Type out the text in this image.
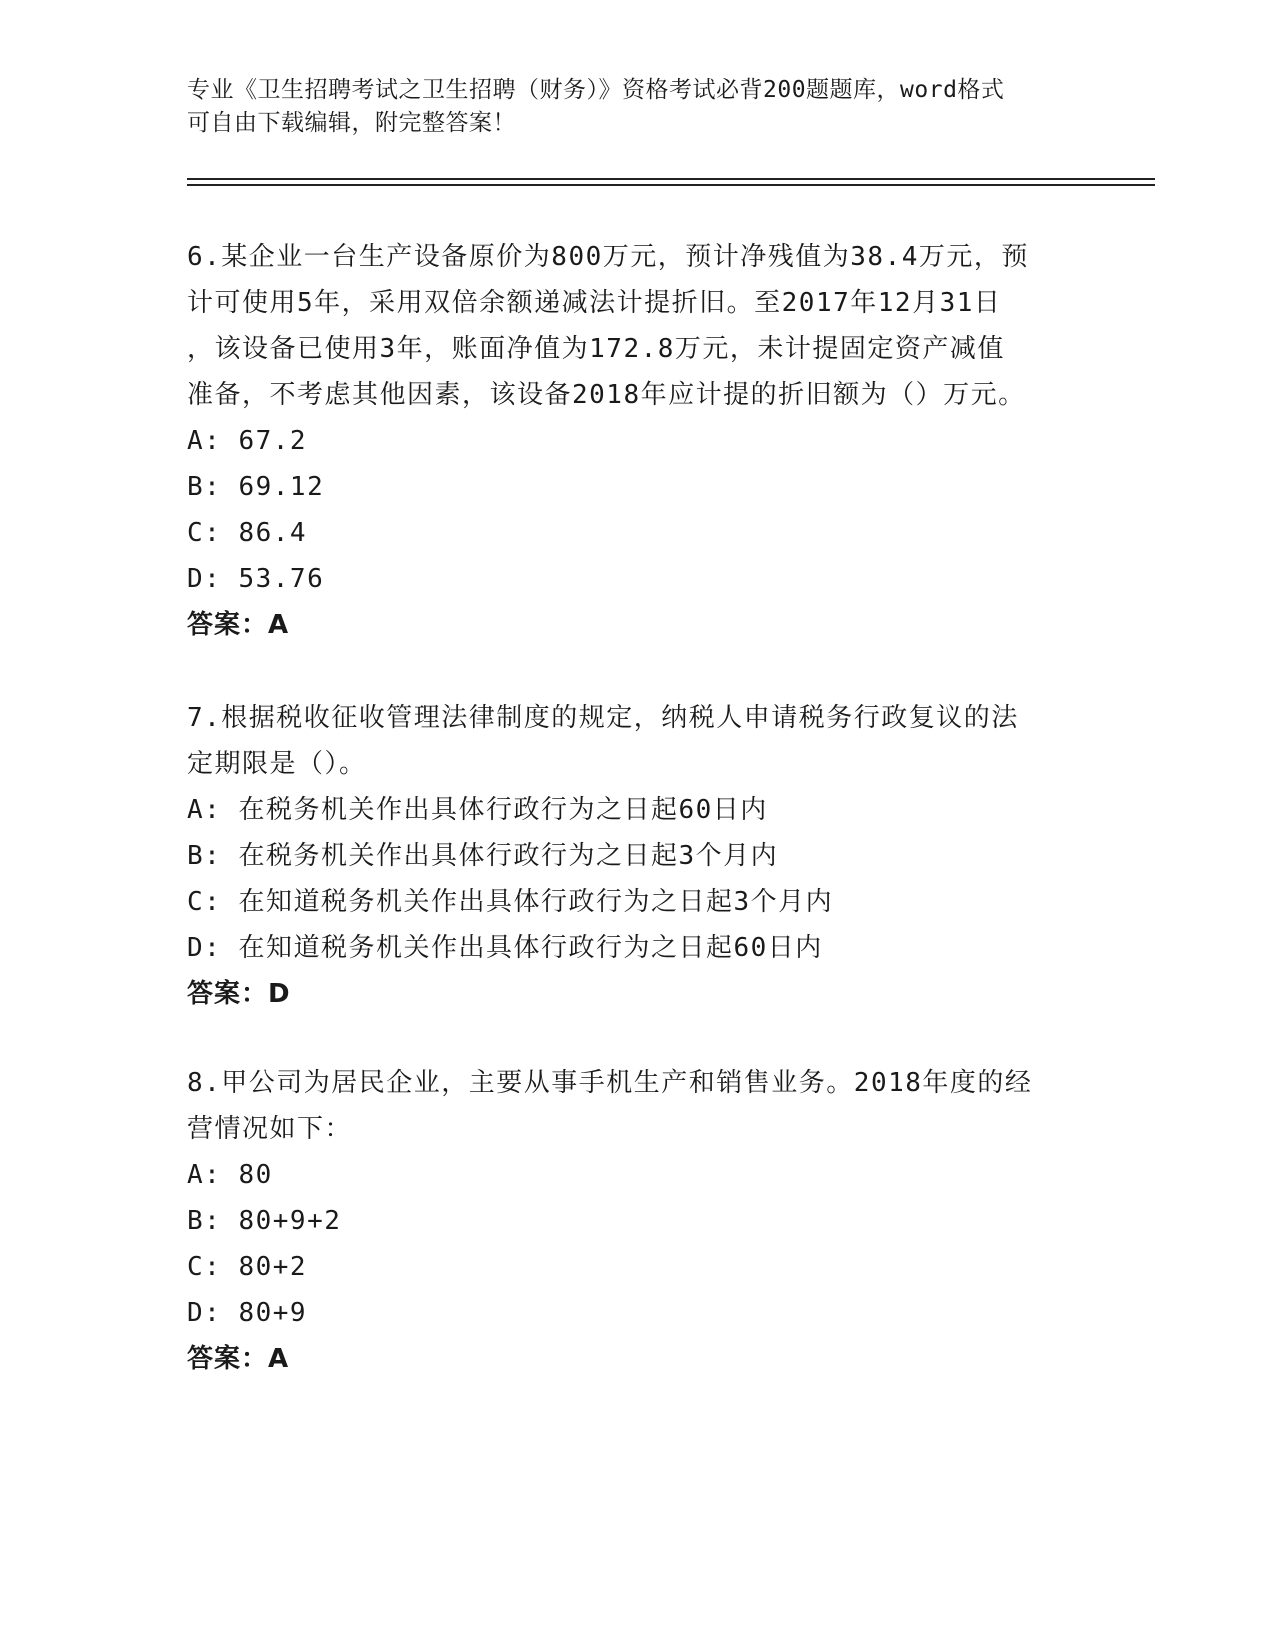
专业《卫生招聘考试之卫生招聘（财务）》资格考试必背200题题库，word格式
可自由下载编辑，附完整答案！
6.某企业一台生产设备原价为800万元，预计净残值为38.4万元，预
计可使用5年，采用双倍余额递减法计提折旧。至2017年12月31日
，该设备已使用3年，账面净值为172.8万元，未计提固定资产减值
准备，不考虑其他因素，该设备2018年应计提的折旧额为（）万元。
A: 67.2
B: 69.12
C: 86.4
D: 53.76
答案：A
7.根据税收征收管理法律制度的规定，纳税人申请税务行政复议的法
定期限是（）。
A: 在税务机关作出具体行政行为之日起60日内
B: 在税务机关作出具体行政行为之日起3个月内
C: 在知道税务机关作出具体行政行为之日起3个月内
D: 在知道税务机关作出具体行政行为之日起60日内
答案：D
8.甲公司为居民企业，主要从事手机生产和销售业务。2018年度的经
营情况如下：
A: 80
B: 80+9+2
C: 80+2
D: 80+9
答案：A
